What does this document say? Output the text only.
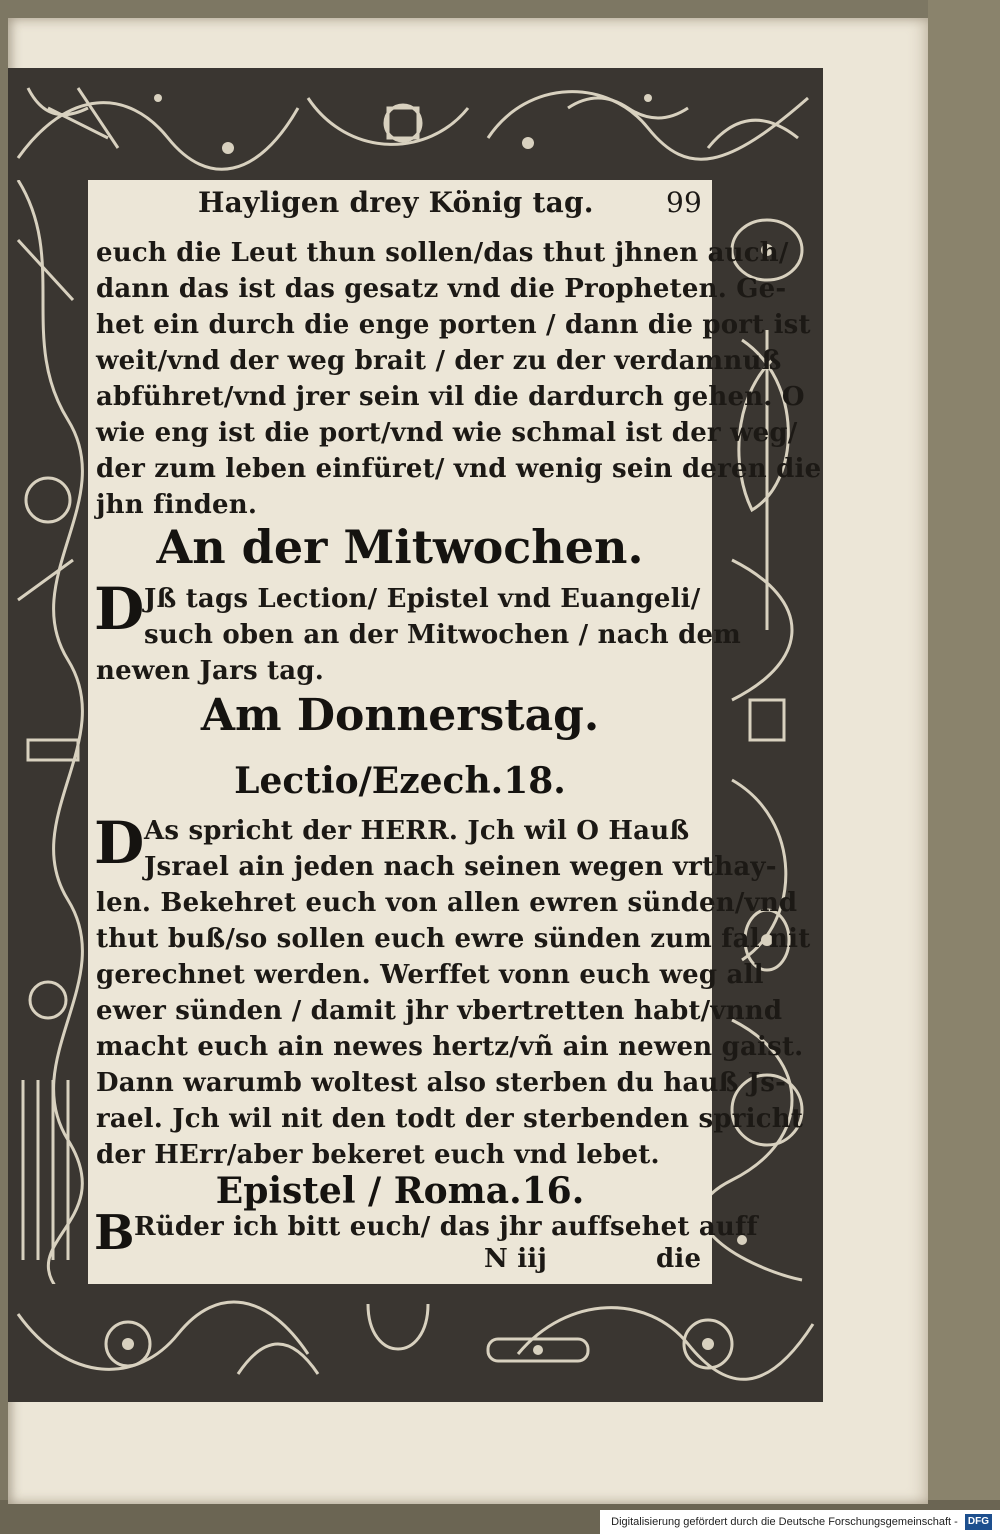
Hayligen drey König tag.	99
euch die Leut thun sollen/das thut jhnen auch/
dann das ist das gesatz vnd die Propheten. Ge-
het ein durch die enge porten / dann die port ist
weit/vnd der weg brait / der zu der verdamnuß
abführet/vnd jrer sein vil die dardurch gehen. O
wie eng ist die port/vnd wie schmal ist der weg/
der zum leben einfüret/ vnd wenig sein deren die
jhn finden.
An der Mitwochen.
D Jß tags Lection/ Epistel vnd Euangeli/
such oben an der Mitwochen / nach dem
newen Jars tag.
Am Donnerstag.
Lectio/Ezech.18.
D As spricht der HERR. Jch wil O Hauß
Jsrael ain jeden nach seinen wegen vrthay-
len. Bekehret euch von allen ewren sünden/vnd
thut buß/so sollen euch ewre sünden zum fal nit
gerechnet werden. Werffet vonn euch weg all
ewer sünden / damit jhr vbertretten habt/vnnd
macht euch ain newes hertz/vñ ain newen gaist.
Dann warumb woltest also sterben du hauß Js-
rael. Jch wil nit den todt der sterbenden spricht
der HErr/aber bekeret euch vnd lebet.
Epistel / Roma.16.
B Rüder ich bitt euch/ das jhr auffsehet auff
N iij	die
Digitalisierung gefördert durch die Deutsche Forschungsgemeinschaft - DFG
